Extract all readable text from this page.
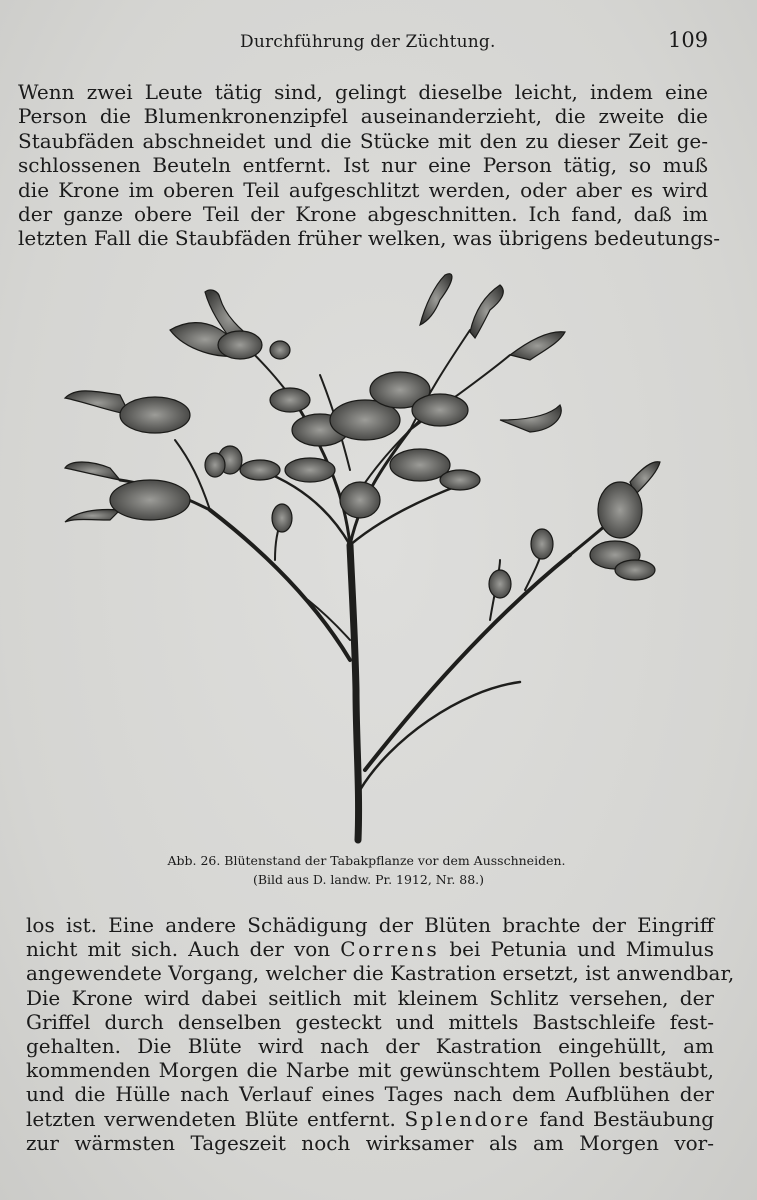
Durchführung der Züchtung.	109
Wenn zwei Leute tätig sind, gelingt dieselbe leicht, indem eine
Person die Blumenkronenzipfel auseinanderzieht, die zweite die
Staubfäden abschneidet und die Stücke mit den zu dieser Zeit ge-
schlossenen Beuteln entfernt. Ist nur eine Person tätig, so muß
die Krone im oberen Teil aufgeschlitzt werden, oder aber es wird
der ganze obere Teil der Krone abgeschnitten. Ich fand, daß im
letzten Fall die Staubfäden früher welken, was übrigens bedeutungs-
Abb. 26. Blütenstand der Tabakpflanze vor dem Ausschneiden.
(Bild aus D. landw. Pr. 1912, Nr. 88.)
los ist. Eine andere Schädigung der Blüten brachte der Eingriff
nicht mit sich. Auch der von Correns bei Petunia und Mimulus
angewendete Vorgang, welcher die Kastration ersetzt, ist anwendbar,
Die Krone wird dabei seitlich mit kleinem Schlitz versehen, der
Griffel durch denselben gesteckt und mittels Bastschleife fest-
gehalten. Die Blüte wird nach der Kastration eingehüllt, am
kommenden Morgen die Narbe mit gewünschtem Pollen bestäubt,
und die Hülle nach Verlauf eines Tages nach dem Aufblühen der
letzten verwendeten Blüte entfernt. Splendore fand Bestäubung
zur wärmsten Tageszeit noch wirksamer als am Morgen vor-
